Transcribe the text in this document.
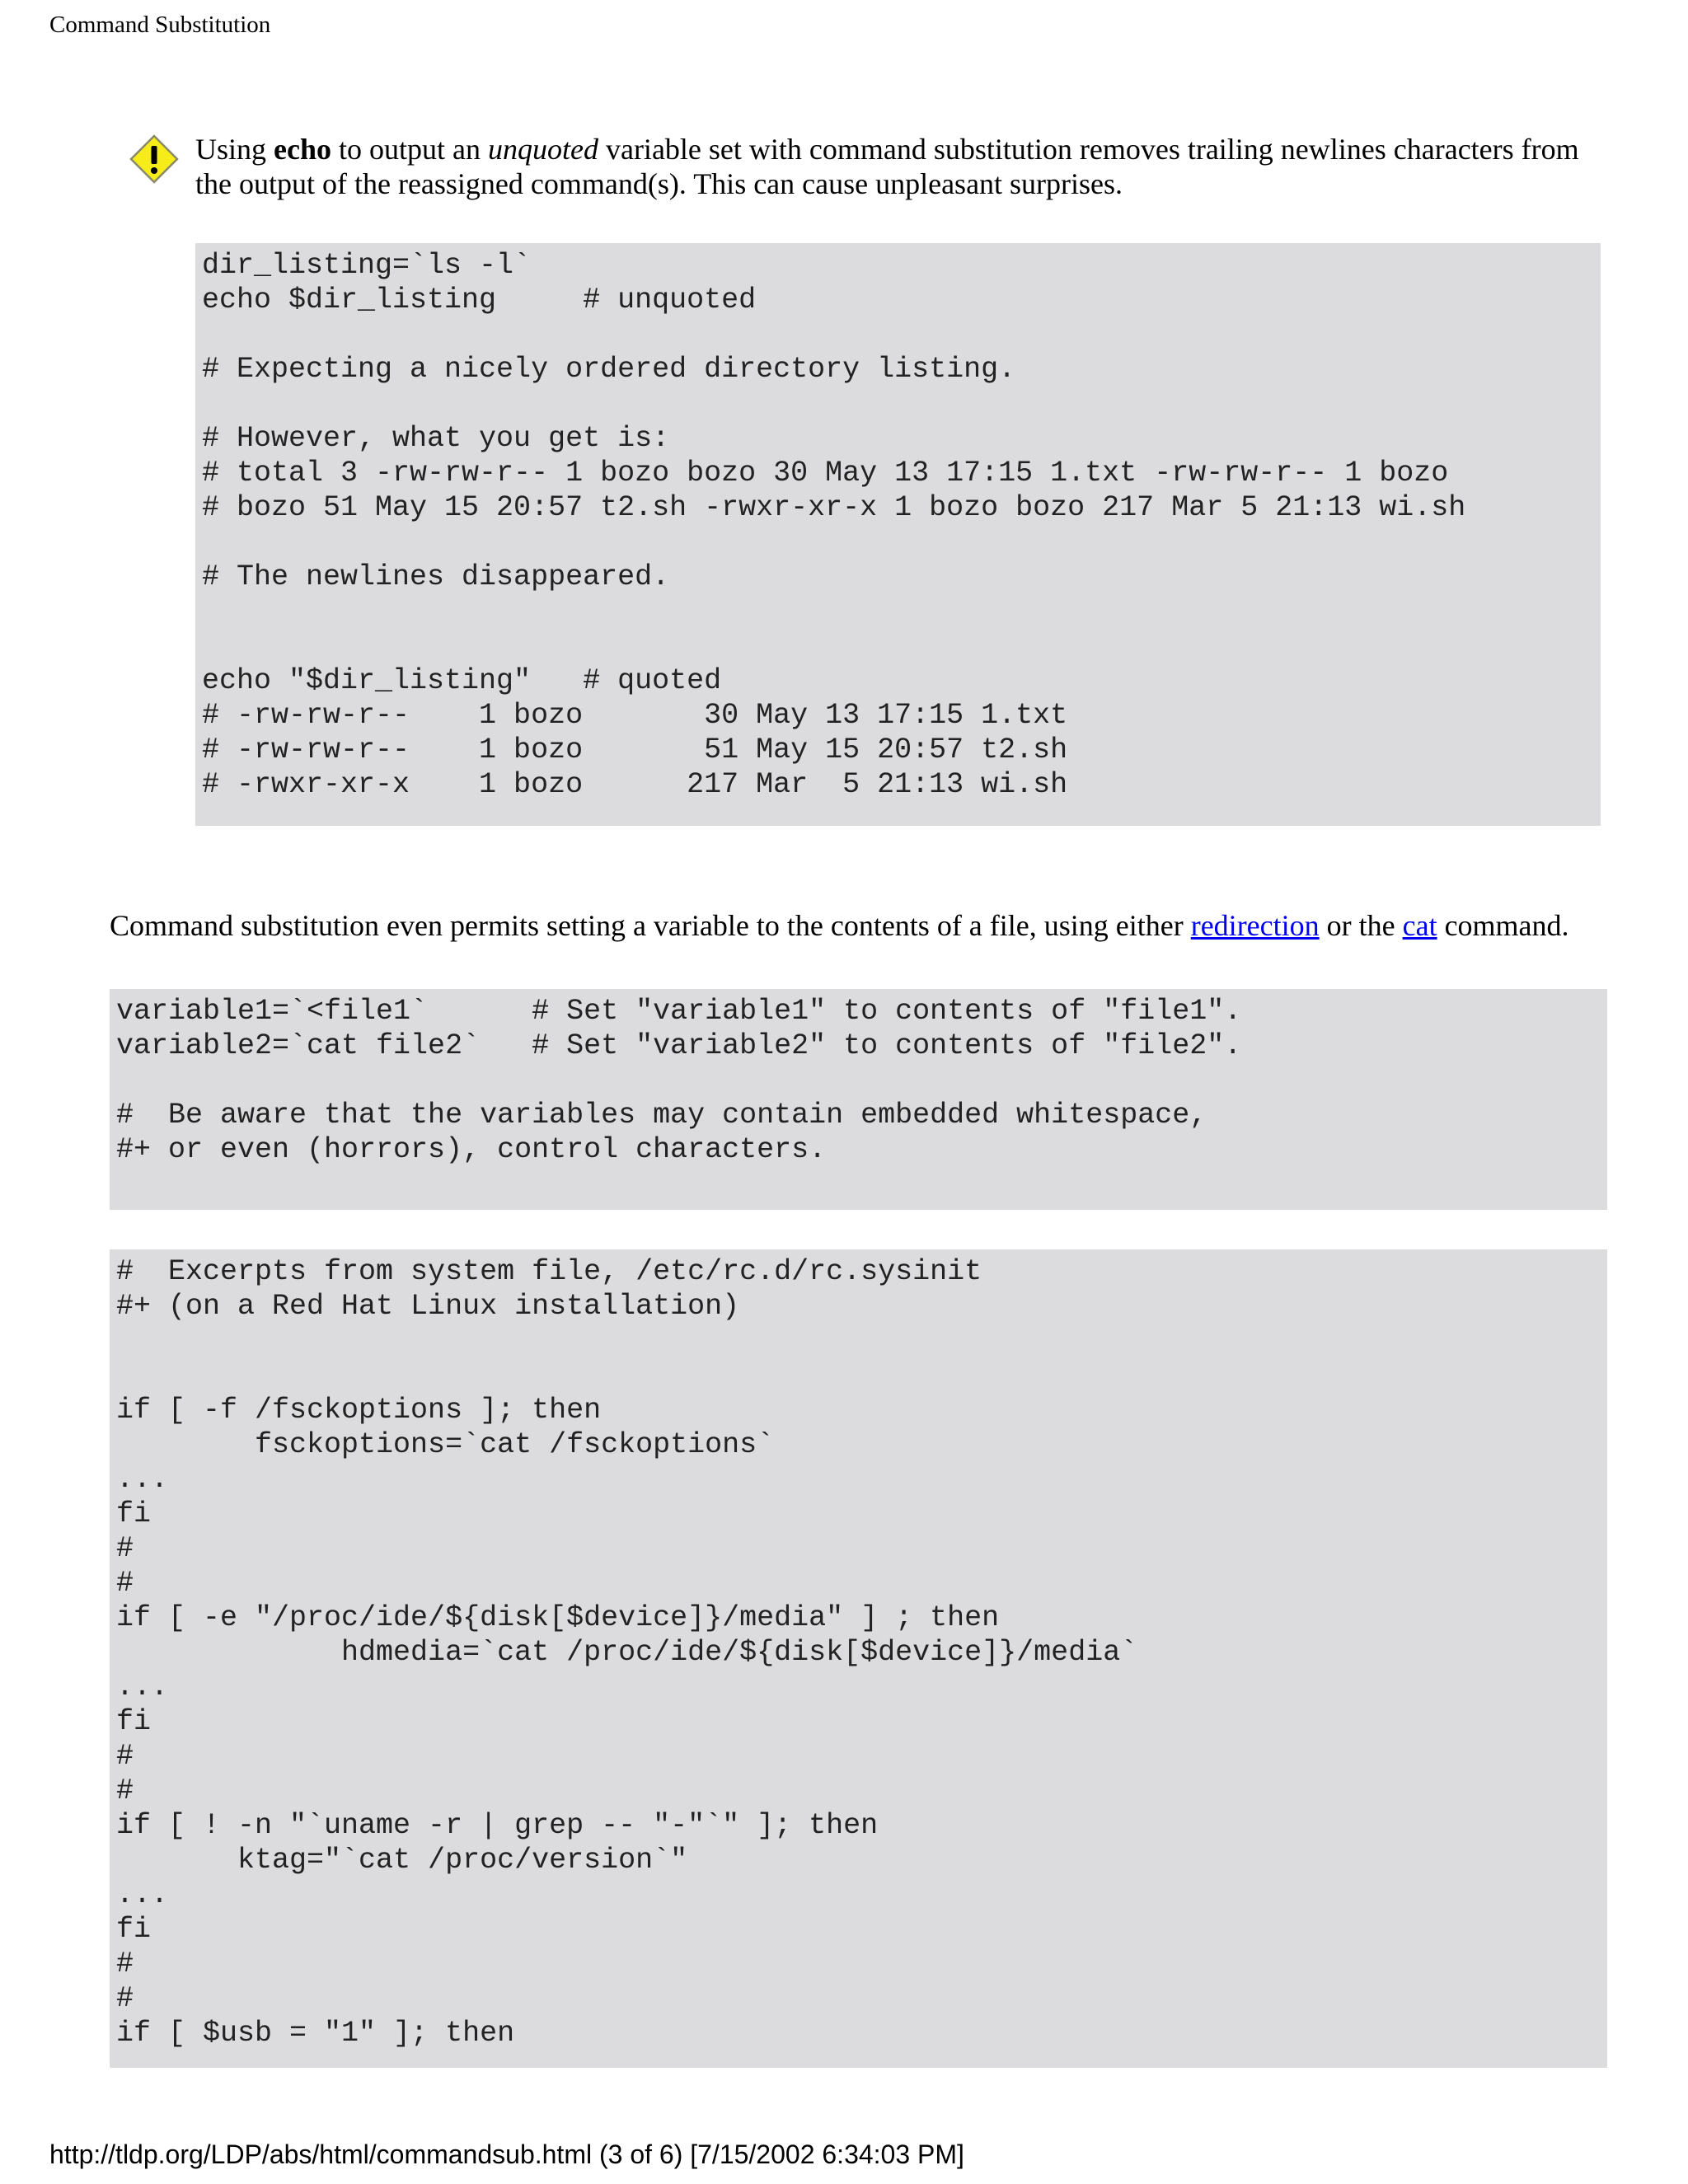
Command Substitution
Using echo to output an unquoted variable set with command substitution removes trailing newlines characters from the output of the reassigned command(s). This can cause unpleasant surprises.
dir_listing=`ls -l`
echo $dir_listing     # unquoted

# Expecting a nicely ordered directory listing.

# However, what you get is:
# total 3 -rw-rw-r-- 1 bozo bozo 30 May 13 17:15 1.txt -rw-rw-r-- 1 bozo
# bozo 51 May 15 20:57 t2.sh -rwxr-xr-x 1 bozo bozo 217 Mar 5 21:13 wi.sh

# The newlines disappeared.

echo "$dir_listing"   # quoted
# -rw-rw-r--    1 bozo       30 May 13 17:15 1.txt
# -rw-rw-r--    1 bozo       51 May 15 20:57 t2.sh
# -rwxr-xr-x    1 bozo      217 Mar  5 21:13 wi.sh
Command substitution even permits setting a variable to the contents of a file, using either redirection or the cat command.
variable1=`<file1`      # Set "variable1" to contents of "file1".
variable2=`cat file2`   # Set "variable2" to contents of "file2".

#  Be aware that the variables may contain embedded whitespace,
#+ or even (horrors), control characters.
#  Excerpts from system file, /etc/rc.d/rc.sysinit
#+ (on a Red Hat Linux installation)

if [ -f /fsckoptions ]; then
fsckoptions=`cat /fsckoptions`
...
fi
#
#
if [ -e "/proc/ide/${disk[$device]}/media" ] ; then
hdmedia=`cat /proc/ide/${disk[$device]}/media`
...
fi
#
#
if [ ! -n "`uname -r | grep -- "-"`" ]; then
ktag="`cat /proc/version`"
...
fi
#
#
if [ $usb = "1" ]; then
http://tldp.org/LDP/abs/html/commandsub.html (3 of 6) [7/15/2002 6:34:03 PM]
